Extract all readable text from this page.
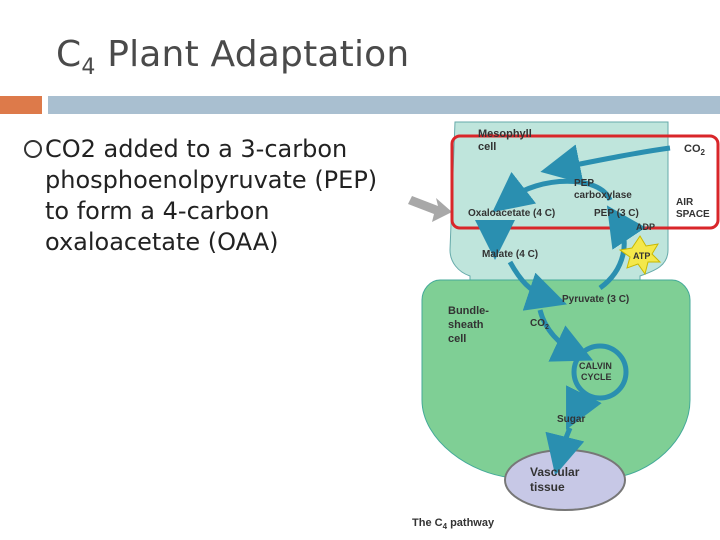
$C_4$ Plant Adaptation
CO2 added to a 3-carbon
phosphoenolpyruvate (PEP)
to form a 4-carbon
oxaloacetate (OAA)
Mesophyll
cell	$CO_2$
PEP
carboxylase
AIR
SPACE
Oxaloacetate (4 C)	PEP (3 C)
ADP
ATP
Malate (4 C)
Pyruvate (3 C)
Bundle-
sheath
cell
$CO_2$
CALVIN
CYCLE
Sugar
Vascular
tissue
The $C_4$ pathway
